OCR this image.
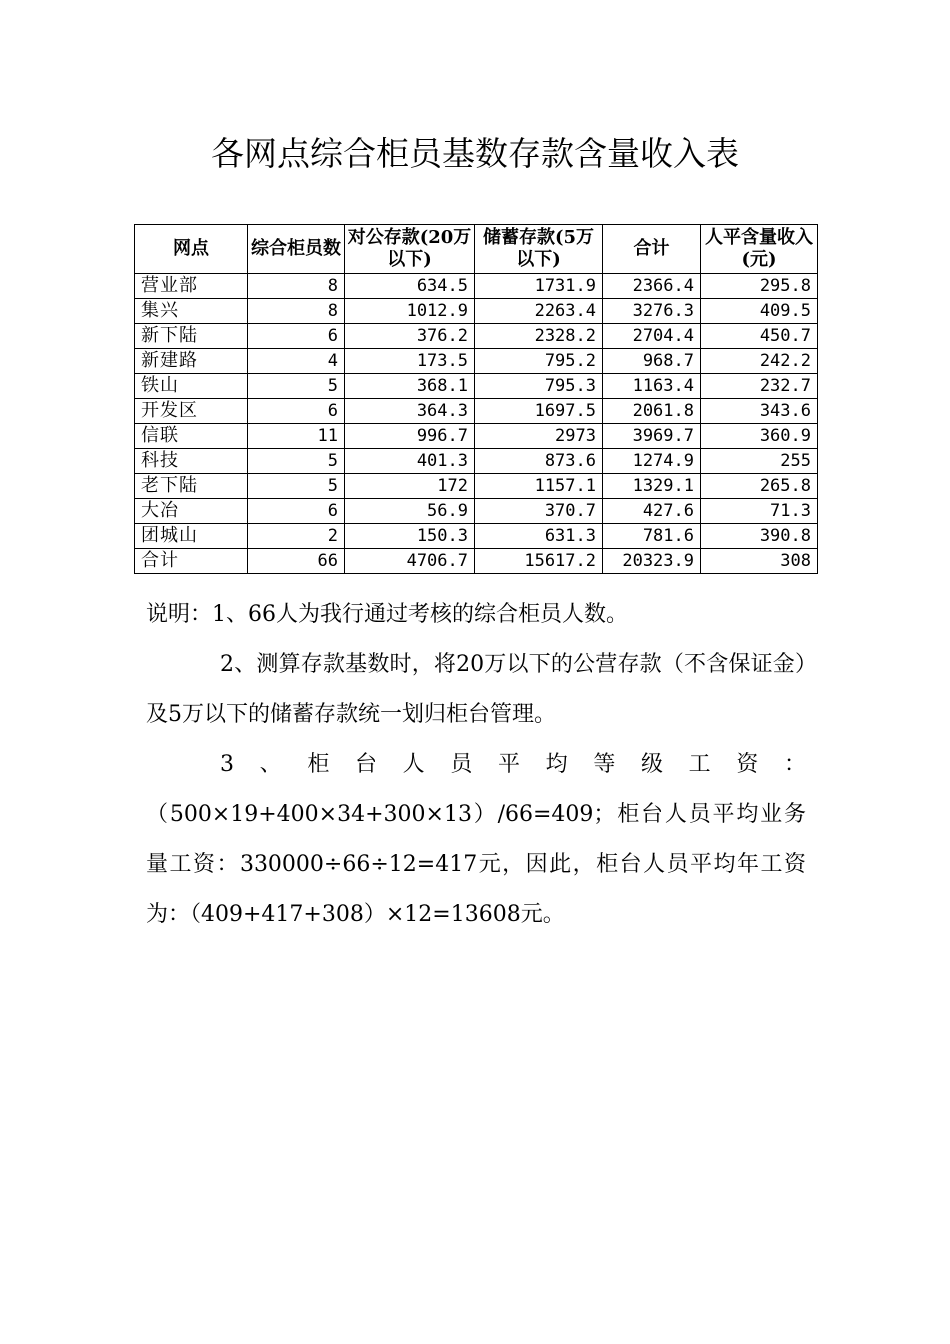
各网点综合柜员基数存款含量收入表
网点	综合柜员数	对公存款(20万以下)	储蓄存款(5万以下)	合计	人平含量收入(元)
营业部	8	634.5	1731.9	2366.4	295.8
集兴	8	1012.9	2263.4	3276.3	409.5
新下陆	6	376.2	2328.2	2704.4	450.7
新建路	4	173.5	795.2	968.7	242.2
铁山	5	368.1	795.3	1163.4	232.7
开发区	6	364.3	1697.5	2061.8	343.6
信联	11	996.7	2973	3969.7	360.9
科技	5	401.3	873.6	1274.9	255
老下陆	5	172	1157.1	1329.1	265.8
大冶	6	56.9	370.7	427.6	71.3
团城山	2	150.3	631.3	781.6	390.8
合计	66	4706.7	15617.2	20323.9	308

说明：1、66人为我行通过考核的综合柜员人数。

2、测算存款基数时，将20万以下的公营存款（不含保证金）及5万以下的储蓄存款统一划归柜台管理。

3、柜台人员平均等级工资：（500×19+400×34+300×13）/66=409；柜台人员平均业务量工资：330000÷66÷12=417元，因此，柜台人员平均年工资为：（409+417+308）×12=13608元。
